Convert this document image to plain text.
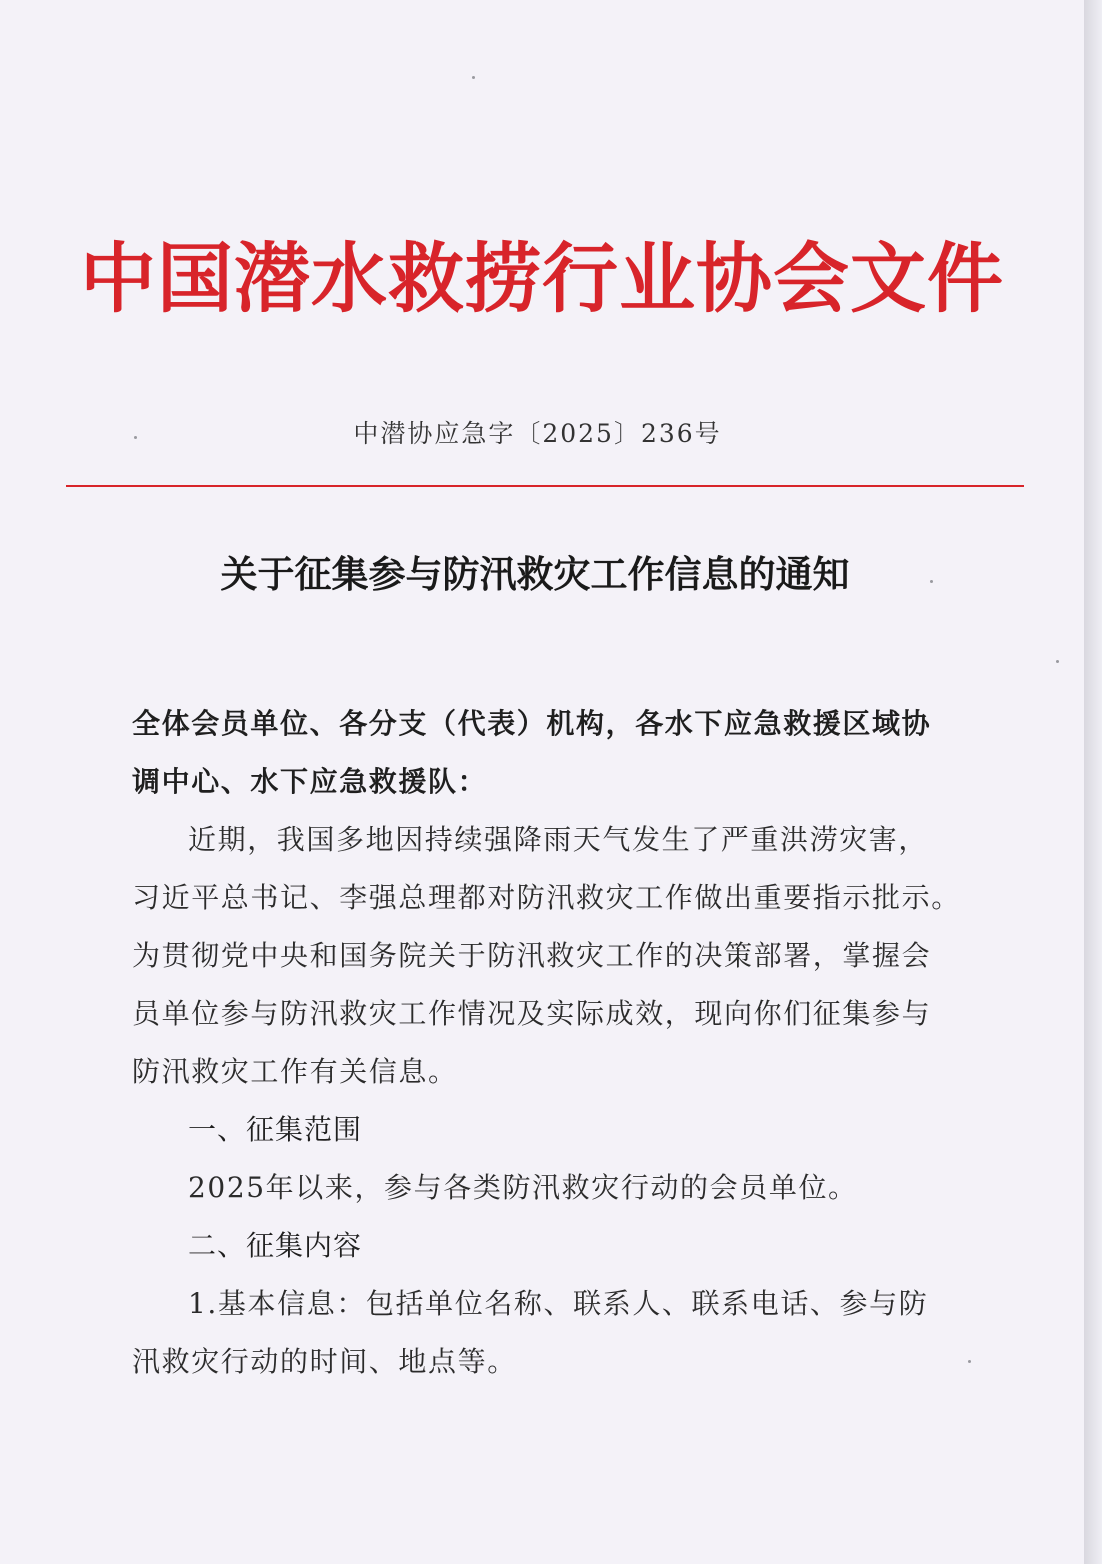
中国潜水救捞行业协会文件
中潜协应急字〔2025〕236号
关于征集参与防汛救灾工作信息的通知
全体会员单位、各分支（代表）机构，各水下应急救援区域协
调中心、水下应急救援队：
近期，我国多地因持续强降雨天气发生了严重洪涝灾害，
习近平总书记、李强总理都对防汛救灾工作做出重要指示批示。
为贯彻党中央和国务院关于防汛救灾工作的决策部署，掌握会
员单位参与防汛救灾工作情况及实际成效，现向你们征集参与
防汛救灾工作有关信息。
一、征集范围
2025年以来，参与各类防汛救灾行动的会员单位。
二、征集内容
1.基本信息：包括单位名称、联系人、联系电话、参与防
汛救灾行动的时间、地点等。
